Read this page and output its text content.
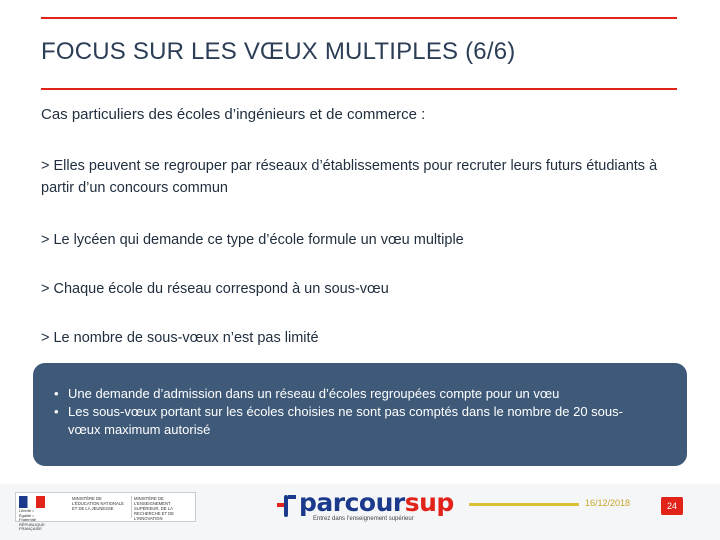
FOCUS SUR LES VŒUX MULTIPLES (6/6)
Cas particuliers des écoles d’ingénieurs et de commerce :
> Elles peuvent se regrouper par réseaux d’établissements pour recruter leurs futurs étudiants à partir d’un concours commun
> Le lycéen qui demande ce type d’école formule un vœu multiple
> Chaque école du réseau correspond à un sous-vœu
> Le nombre de sous-vœux n’est pas limité
• Une demande d’admission dans un réseau d’écoles regroupées compte pour un vœu
• Les sous-vœux portant sur les écoles choisies ne sont pas comptés dans le nombre de 20 sous-vœux maximum autorisé
Liberté • Égalité • Fraternité RÉPUBLIQUE FRANÇAISE
MINISTÈRE DE L’ÉDUCATION NATIONALE ET DE LA JEUNESSE
MINISTÈRE DE L’ENSEIGNEMENT SUPÉRIEUR, DE LA RECHERCHE ET DE L’INNOVATION
parcoursup
Entrez dans l’enseignement supérieur
16/12/2018	24
